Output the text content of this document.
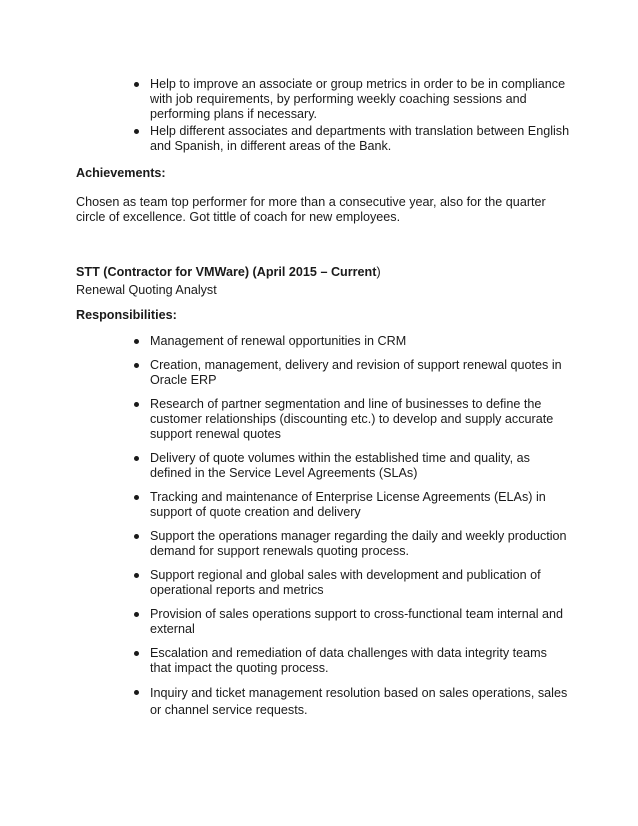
Help to improve an associate or group metrics in order to be in compliance with job requirements, by performing weekly coaching sessions and performing plans if necessary.
Help different associates and departments with translation between English and Spanish, in different areas of the Bank.
Achievements:
Chosen as team top performer for more than a consecutive year, also for the quarter circle of excellence. Got tittle of coach for new employees.
STT (Contractor for VMWare) (April 2015 – Current)
Renewal Quoting Analyst
Responsibilities:
Management of renewal opportunities in CRM
Creation, management, delivery and revision of support renewal quotes in Oracle ERP
Research of partner segmentation and line of businesses to define the customer relationships (discounting etc.) to develop and supply accurate support renewal quotes
Delivery of quote volumes within the established time and quality, as defined in the Service Level Agreements (SLAs)
Tracking and maintenance of Enterprise License Agreements (ELAs) in support of quote creation and delivery
Support the operations manager regarding the daily and weekly production demand for support renewals quoting process.
Support regional and global sales with development and publication of operational reports and metrics
Provision of sales operations support to cross-functional team internal and external
Escalation and remediation of data challenges with data integrity teams that impact the quoting process.
Inquiry and ticket management resolution based on sales operations, sales or channel service requests.
